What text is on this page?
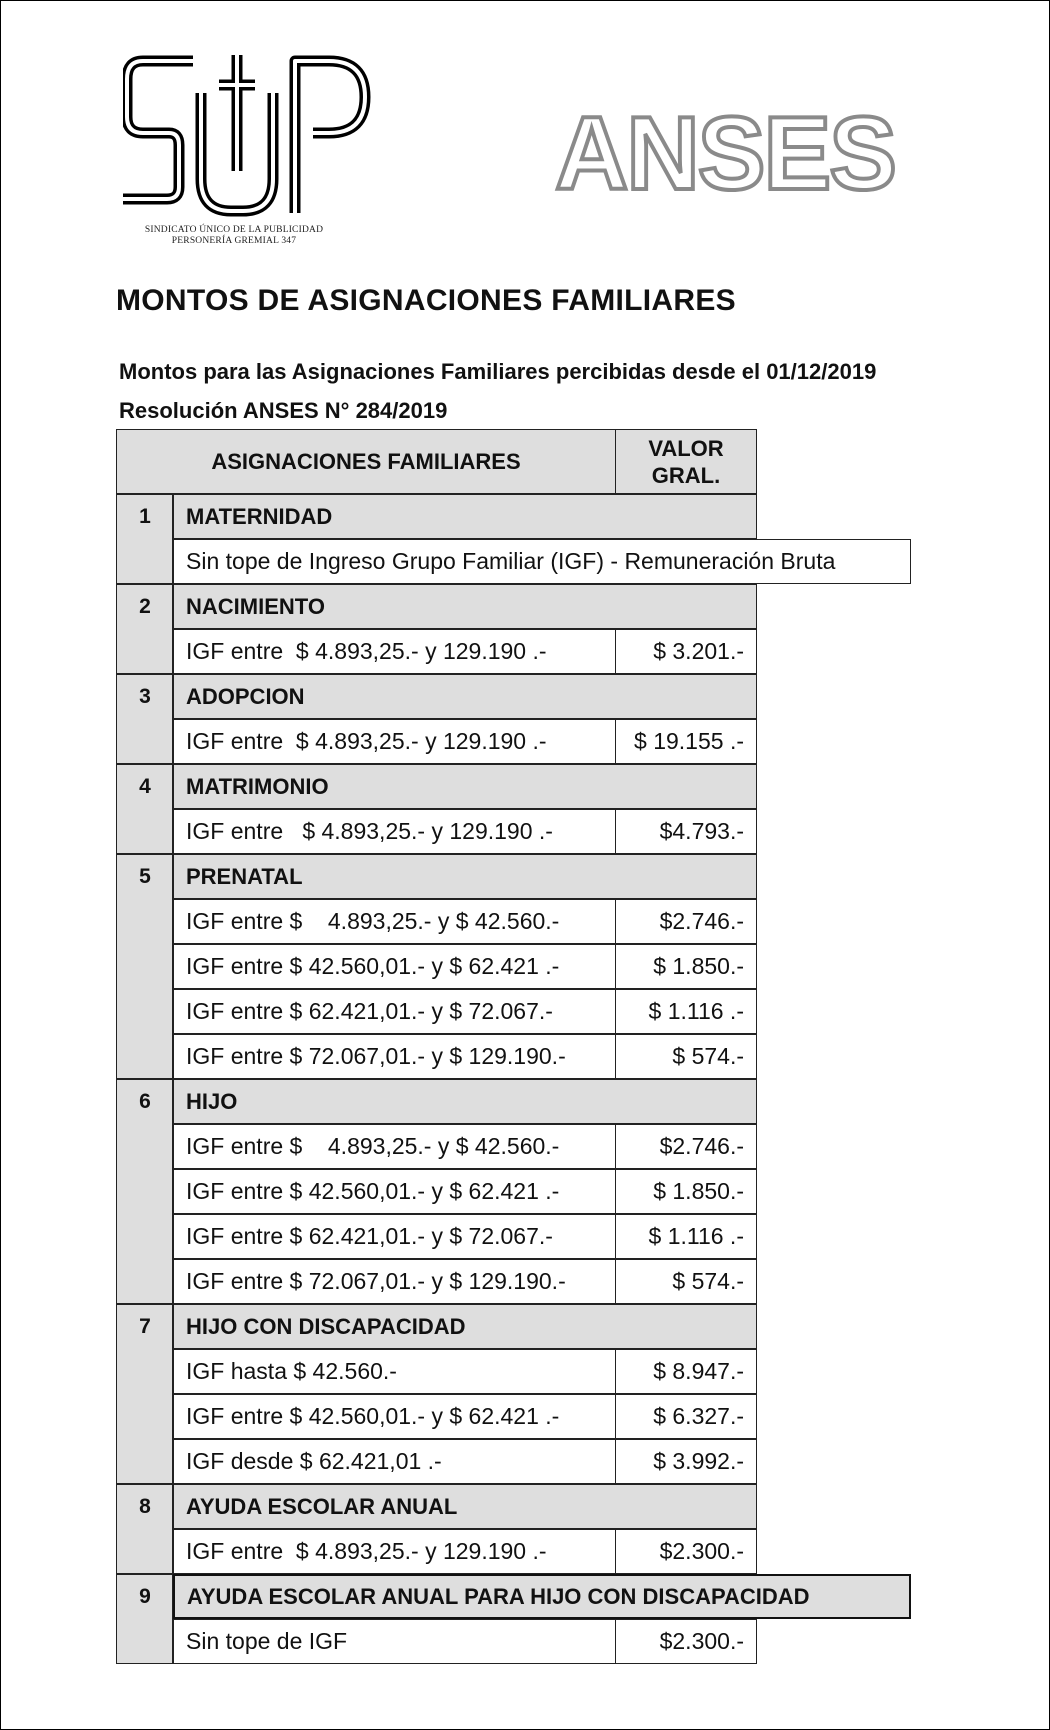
SINDICATO ÚNICO DE LA PUBLICIDAD
PERSONERÍA GREMIAL 347
ANSES
MONTOS DE ASIGNACIONES FAMILIARES
Montos para las Asignaciones Familiares percibidas desde el 01/12/2019
Resolución ANSES N° 284/2019
ASIGNACIONES FAMILIARES
VALOR
GRAL.
1	MATERNIDAD
Sin tope de Ingreso Grupo Familiar (IGF) - Remuneración Bruta
2	NACIMIENTO
IGF entre  $ 4.893,25.- y 129.190 .-	$ 3.201.-
3	ADOPCION
IGF entre  $ 4.893,25.- y 129.190 .-	$ 19.155 .-
4	MATRIMONIO
IGF entre   $ 4.893,25.- y 129.190 .-	$4.793.-
5	PRENATAL
IGF entre $    4.893,25.- y $ 42.560.-	$2.746.-
IGF entre $ 42.560,01.- y $ 62.421 .-	$ 1.850.-
IGF entre $ 62.421,01.- y $ 72.067.-	$ 1.116 .-
IGF entre $ 72.067,01.- y $ 129.190.-	$ 574.-
6	HIJO
IGF entre $    4.893,25.- y $ 42.560.-	$2.746.-
IGF entre $ 42.560,01.- y $ 62.421 .-	$ 1.850.-
IGF entre $ 62.421,01.- y $ 72.067.-	$ 1.116 .-
IGF entre $ 72.067,01.- y $ 129.190.-	$ 574.-
7	HIJO CON DISCAPACIDAD
IGF hasta $ 42.560.-	$ 8.947.-
IGF entre $ 42.560,01.- y $ 62.421 .-	$ 6.327.-
IGF desde $ 62.421,01 .-	$ 3.992.-
8	AYUDA ESCOLAR ANUAL
IGF entre  $ 4.893,25.- y 129.190 .-	$2.300.-
9	AYUDA ESCOLAR ANUAL PARA HIJO CON DISCAPACIDAD
Sin tope de IGF	$2.300.-
